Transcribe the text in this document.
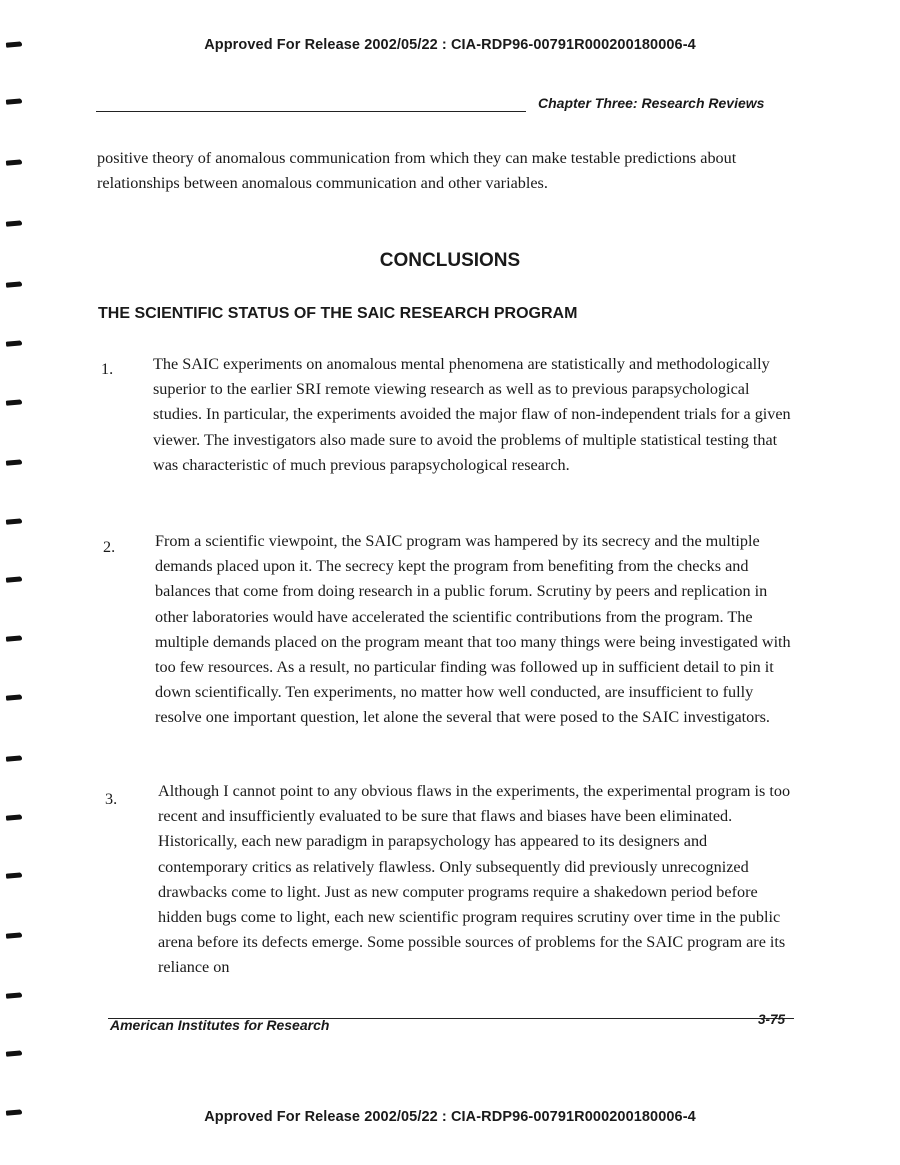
Approved For Release 2002/05/22 : CIA-RDP96-00791R000200180006-4
Chapter Three: Research Reviews
positive theory of anomalous communication from which they can make testable predictions about relationships between anomalous communication and other variables.
CONCLUSIONS
THE SCIENTIFIC STATUS OF THE SAIC RESEARCH PROGRAM
1. The SAIC experiments on anomalous mental phenomena are statistically and methodologically superior to the earlier SRI remote viewing research as well as to previous parapsychological studies. In particular, the experiments avoided the major flaw of non-independent trials for a given viewer. The investigators also made sure to avoid the problems of multiple statistical testing that was characteristic of much previous parapsychological research.
2. From a scientific viewpoint, the SAIC program was hampered by its secrecy and the multiple demands placed upon it. The secrecy kept the program from benefiting from the checks and balances that come from doing research in a public forum. Scrutiny by peers and replication in other laboratories would have accelerated the scientific contributions from the program. The multiple demands placed on the program meant that too many things were being investigated with too few resources. As a result, no particular finding was followed up in sufficient detail to pin it down scientifically. Ten experiments, no matter how well conducted, are insufficient to fully resolve one important question, let alone the several that were posed to the SAIC investigators.
3.	Although I cannot point to any obvious flaws in the experiments, the experimental program is too recent and insufficiently evaluated to be sure that flaws and biases have been eliminated. Historically, each new paradigm in parapsychology has appeared to its designers and contemporary critics as relatively flawless. Only subsequently did previously unrecognized drawbacks come to light. Just as new computer programs require a shakedown period before hidden bugs come to light, each new scientific program requires scrutiny over time in the public arena before its defects emerge. Some possible sources of problems for the SAIC program are its reliance on
American Institutes for Research	3-75
Approved For Release 2002/05/22 : CIA-RDP96-00791R000200180006-4
